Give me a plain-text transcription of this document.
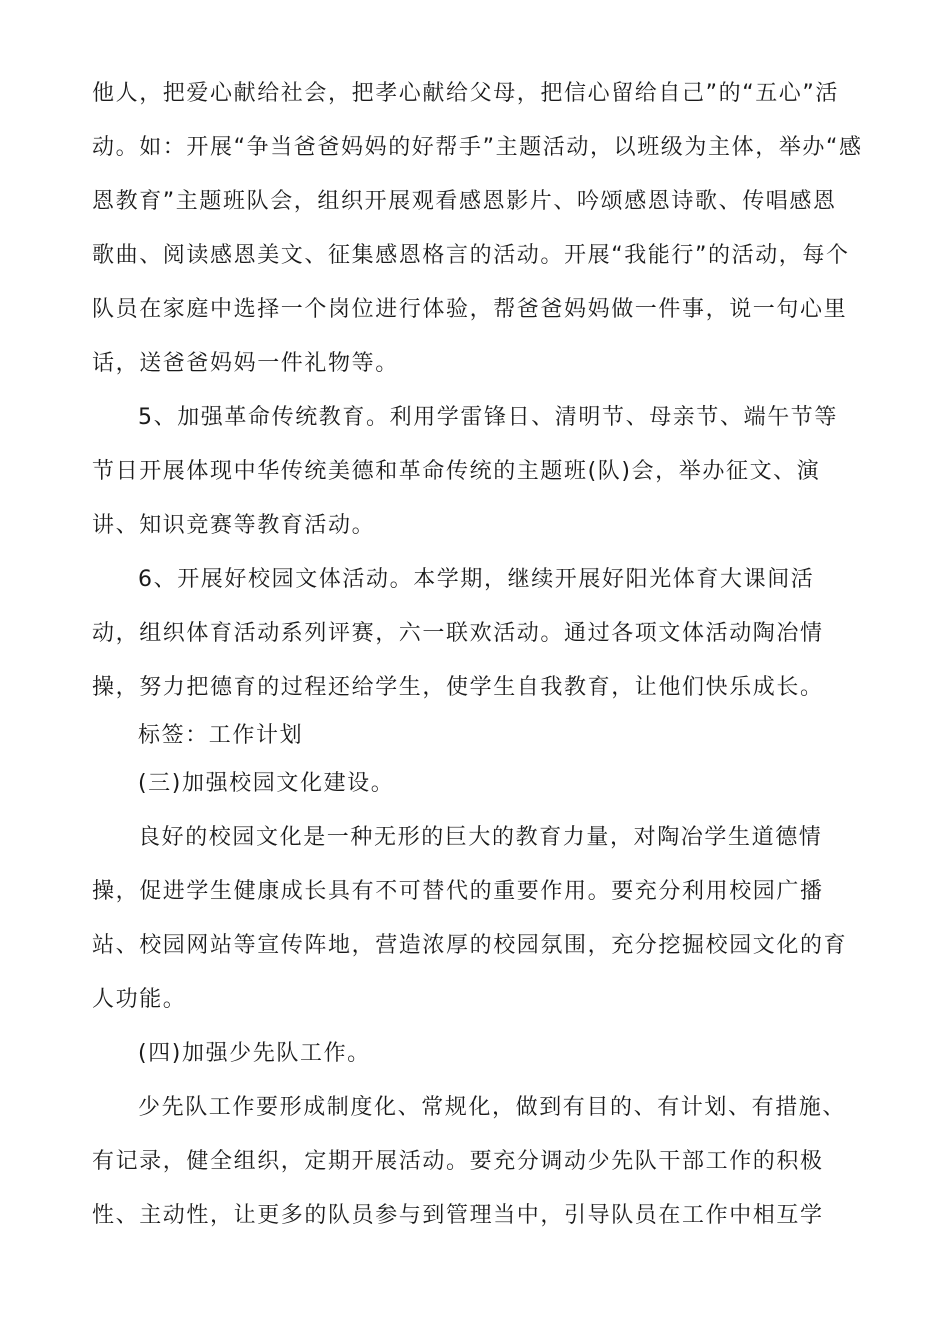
他人，把爱心献给社会，把孝心献给父母，把信心留给自己”的“五心”活
动。如：开展“争当爸爸妈妈的好帮手”主题活动，以班级为主体，举办“感
恩教育”主题班队会，组织开展观看感恩影片、吟颂感恩诗歌、传唱感恩
歌曲、阅读感恩美文、征集感恩格言的活动。开展“我能行”的活动，每个
队员在家庭中选择一个岗位进行体验，帮爸爸妈妈做一件事，说一句心里
话，送爸爸妈妈一件礼物等。
5、加强革命传统教育。利用学雷锋日、清明节、母亲节、端午节等
节日开展体现中华传统美德和革命传统的主题班(队)会，举办征文、演
讲、知识竞赛等教育活动。
6、开展好校园文体活动。本学期，继续开展好阳光体育大课间活
动，组织体育活动系列评赛，六一联欢活动。通过各项文体活动陶冶情
操，努力把德育的过程还给学生，使学生自我教育，让他们快乐成长。
标签：工作计划
(三)加强校园文化建设。
良好的校园文化是一种无形的巨大的教育力量，对陶冶学生道德情
操，促进学生健康成长具有不可替代的重要作用。要充分利用校园广播
站、校园网站等宣传阵地，营造浓厚的校园氛围，充分挖掘校园文化的育
人功能。
(四)加强少先队工作。
少先队工作要形成制度化、常规化，做到有目的、有计划、有措施、
有记录，健全组织，定期开展活动。要充分调动少先队干部工作的积极
性、主动性，让更多的队员参与到管理当中，引导队员在工作中相互学
